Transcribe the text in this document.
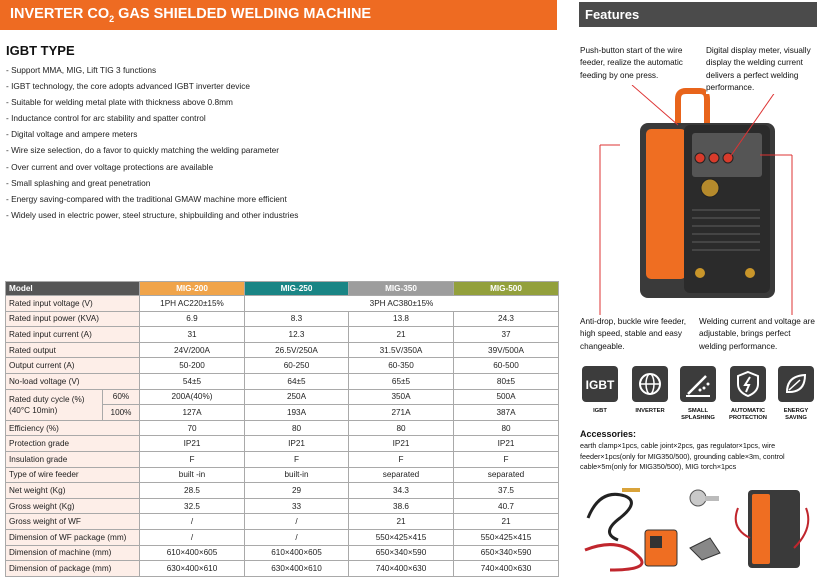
INVERTER $CO_2$ GAS SHIELDED WELDING MACHINE
IGBT TYPE
- Support MMA, MIG, Lift TIG 3 functions
- IGBT technology, the core adopts advanced IGBT inverter device
- Suitable for welding metal plate with thickness above 0.8mm
- Inductance control for arc stability and spatter control
- Digital voltage and ampere meters
- Wire size selection, do a favor to quickly matching the welding parameter
- Over current and over voltage protections are available
- Small splashing and great penetration
- Energy saving-compared with the traditional GMAW machine more efficient
- Widely used in electric power, steel structure, shipbuilding and other industries
Model		MIG-200	MIG-250	MIG-350	MIG-500
Rated input voltage (V)		1PH AC220±15%	3PH AC380±15%		
Rated input power (KVA)		6.9	8.3	13.8	24.3
Rated input current (A)		31	12.3	21	37
Rated output		24V/200A	26.5V/250A	31.5V/350A	39V/500A
Output current (A)		50-200	60-250	60-350	60-500
No-load voltage (V)		54±5	64±5	65±5	80±5
Rated duty cycle (%)
(40°C 10min)	60%	200A(40%)	250A	350A	500A
	100%	127A	193A	271A	387A
Efficiency (%)		70	80	80	80
Protection grade		IP21	IP21	IP21	IP21
Insulation grade		F	F	F	F
Type of wire feeder		built -in	built-in	separated	separated
Net weight (Kg)		28.5	29	34.3	37.5
Gross weight (Kg)		32.5	33	38.6	40.7
Gross weight of WF		/	/	21	21
Dimension of WF package (mm)		/	/	550×425×415	550×425×415
Dimension of machine (mm)		610×400×605	610×400×605	650×340×590	650×340×590
Dimension of package (mm)		630×400×610	630×400×610	740×400×630	740×400×630
Features
Push-button start of the wire feeder, realize the automatic feeding by one press.
Digital display meter, visually display the welding current delivers a perfect welding performance.
Anti-drop, buckle wire feeder, high speed, stable and easy changeable.
Welding current and voltage are adjustable, brings perfect welding performance.
IGBT
IGBT	INVERTER	SMALL
SPLASHING
AUTOMATIC
PROTECTION
ENERGY
SAVING
Accessories:
earth clamp×1pcs, cable joint×2pcs, gas regulator×1pcs, wire feeder×1pcs(only for MIG350/500), grounding cable×3m, control cable×5m(only for MIG350/500), MIG torch×1pcs
